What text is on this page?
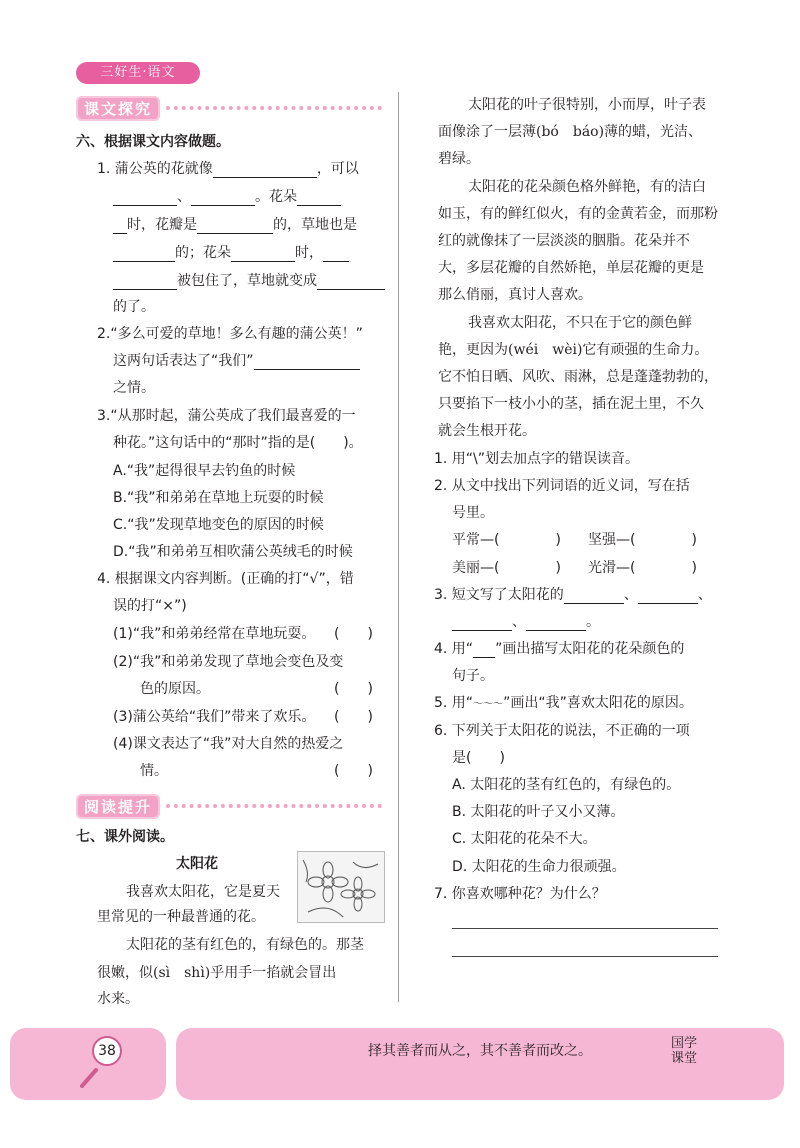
三好生·语文
课文探究
六、根据课文内容做题。
1. 蒲公英的花就像	，可以
、	。花朵
时，花瓣是	的，草地也是
的；花朵	时，
被包住了，草地就变成
的了。
2.“多么可爱的草地！多么有趣的蒲公英！”
这两句话表达了“我们”
之情。
3.“从那时起，蒲公英成了我们最喜爱的一
种花。”这句话中的“那时”指的是(　　)。
A.“我”起得很早去钓鱼的时候
B.“我”和弟弟在草地上玩耍的时候
C.“我”发现草地变色的原因的时候
D.“我”和弟弟互相吹蒲公英绒毛的时候
4. 根据课文内容判断。(正确的打“√”，错
误的打“×”)
(1)“我”和弟弟经常在草地玩耍。 (　　)
(2)“我”和弟弟发现了草地会变色及变
色的原因。	(　　)
(3)蒲公英给“我们”带来了欢乐。 (　　)
(4)课文表达了“我”对大自然的热爱之
情。	(　　)
阅读提升
七、课外阅读。
太阳花
我喜欢太阳花，它是夏天
里常见的一种最普通的花。
太阳花的茎有红色的，有绿色的。那茎
很嫩，似(sì　shì)乎用手一掐就会冒出
水来。
太阳花的叶子很特别，小而厚，叶子表
面像涂了一层薄(bó　báo)薄的蜡，光洁、
碧绿。
太阳花的花朵颜色格外鲜艳，有的洁白
如玉，有的鲜红似火，有的金黄若金，而那粉
红的就像抹了一层淡淡的胭脂。花朵并不
大，多层花瓣的自然娇艳，单层花瓣的更是
那么俏丽，真讨人喜欢。
我喜欢太阳花，不只在于它的颜色鲜
艳，更因为(wéi　wèi)它有顽强的生命力。
它不怕日晒、风吹、雨淋，总是蓬蓬勃勃的，
只要掐下一枝小小的茎，插在泥土里，不久
就会生根开花。
1. 用“\”划去加点字的错误读音。
2. 从文中找出下列词语的近义词，写在括
号里。
平常—(　　　　) 坚强—(　　　　)
美丽—(　　　　) 光滑—(　　　　)
3. 短文写了太阳花的	、	、
、	。
4. 用“ ”画出描写太阳花的花朵颜色的
句子。
5. 用“～～～”画出“我”喜欢太阳花的原因。
6. 下列关于太阳花的说法，不正确的一项
是(　　)
A. 太阳花的茎有红色的，有绿色的。
B. 太阳花的叶子又小又薄。
C. 太阳花的花朵不大。
D. 太阳花的生命力很顽强。
7. 你喜欢哪种花？为什么？
38	择其善者而从之，其不善者而改之。	国学
课堂
